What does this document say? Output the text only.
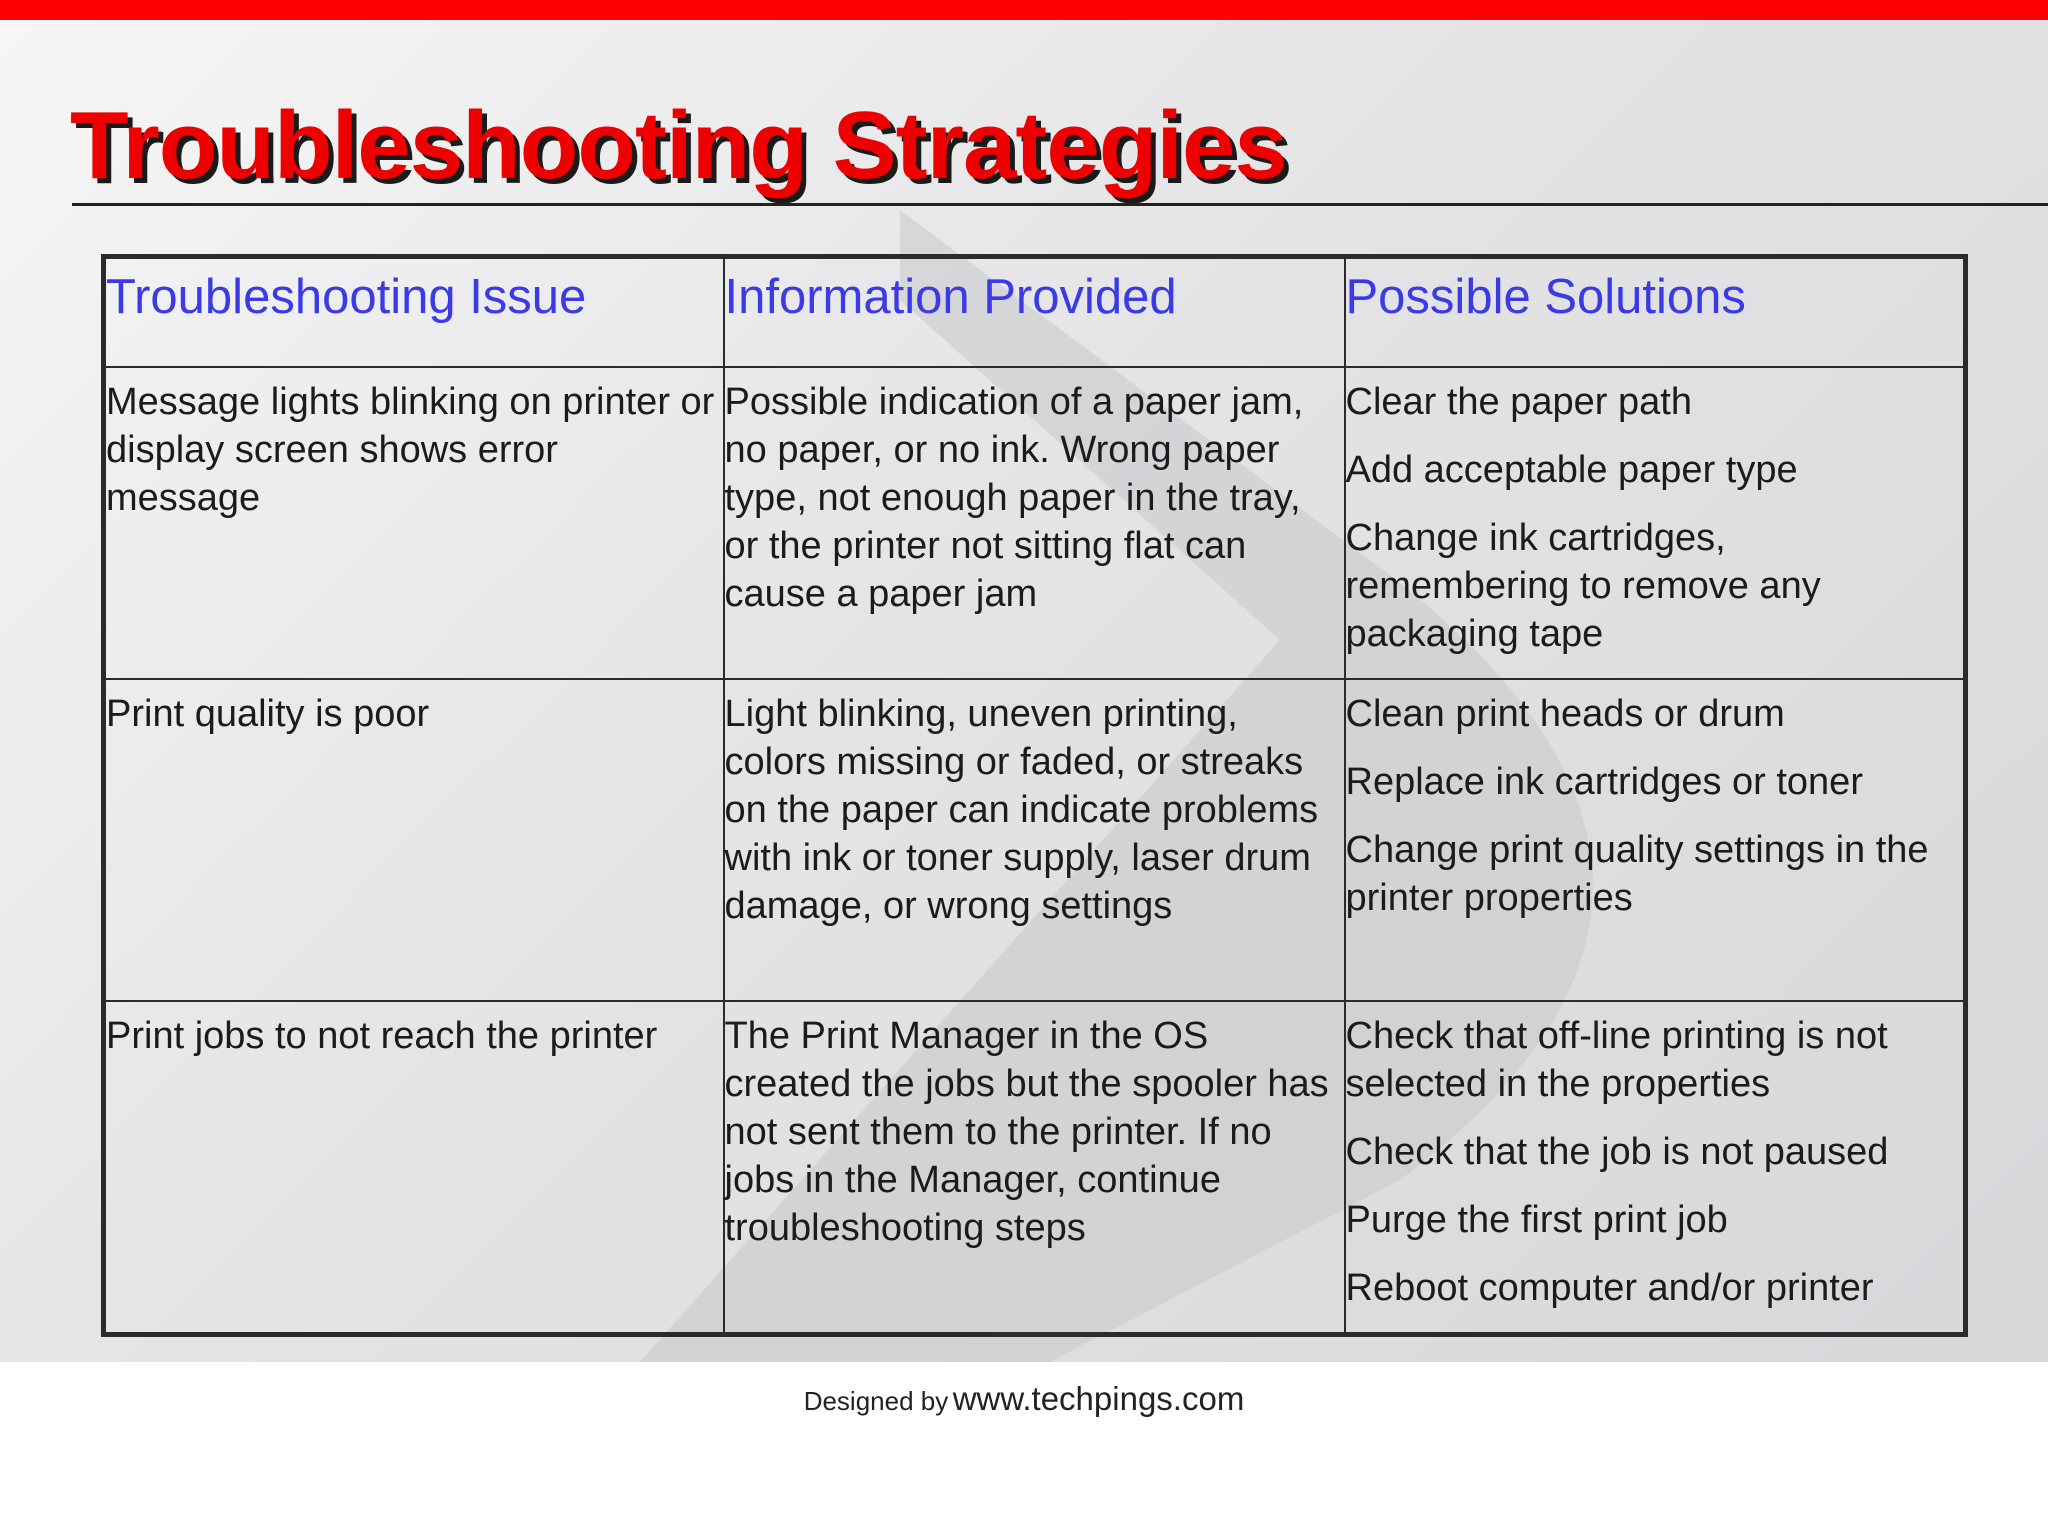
Troubleshooting Strategies
Troubleshooting Issue	Information Provided	Possible Solutions
Message lights blinking on printer or display screen shows error message	Possible indication of a paper jam, no paper, or no ink. Wrong paper type, not enough paper in the tray, or the printer not sitting flat can cause a paper jam	Clear the paper path
Add acceptable paper type
Change ink cartridges, remembering to remove any packaging tape

Print quality is poor	Light blinking, uneven printing, colors missing or faded, or streaks on the paper can indicate problems with ink or toner supply, laser drum damage, or wrong settings	Clean print heads or drum
Replace ink cartridges or toner
Change print quality settings in the printer properties

Print jobs to not reach the printer	The Print Manager in the OS created the jobs but the spooler has not sent them to the printer. If no jobs in the Manager, continue troubleshooting steps	Check that off-line printing is not selected in the properties
Check that the job is not paused
Purge the first print job
Reboot computer and/or printer
Designed by www.techpings.com
